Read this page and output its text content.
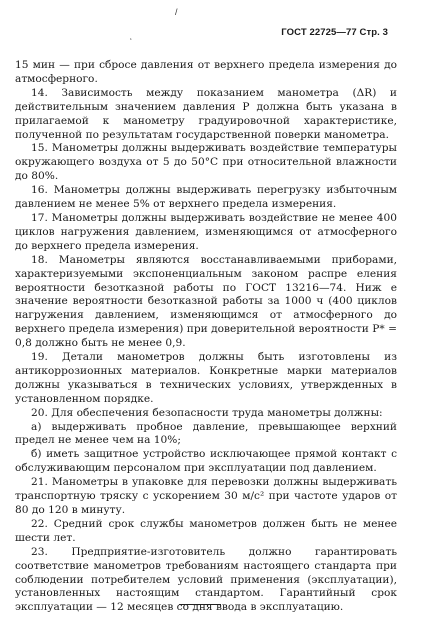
/
‘
ГОСТ 22725—77 Стр. 3

15 мин — при сбросе давления от верхнего предела измерения до атмосферного.

14. Зависимость между показанием манометра (ΔR) и действительным значением давления P должна быть указана в прилагаемой к манометру градуировочной характеристике, полученной по результатам государственной поверки манометра.

15. Манометры должны выдерживать воздействие температуры окружающего воздуха от 5 до 50°C при относительной влажности до 80%.

16. Манометры должны выдерживать перегрузку избыточным давлением не менее 5% от верхнего предела измерения.

17. Манометры должны выдерживать воздействие не менее 400 циклов нагружения давлением, изменяющимся от атмосферного до верхнего предела измерения.

18. Манометры являются восстанавливаемыми приборами, характеризуемыми экспоненциальным законом распре еления вероятности безотказной работы по ГОСТ 13216—74. Ниж е значение вероятности безотказной работы за 1000 ч (400 циклов нагружения давлением, изменяющимся от атмосферного до верхнего предела измерения) при доверительной вероятности P* = 0,8 должно быть не менее 0,9.

19. Детали манометров должны быть изготовлены из антикоррозионных материалов. Конкретные марки материалов должны указываться в технических условиях, утвержденных в установленном порядке.

20. Для обеспечения безопасности труда манометры должны:

а) выдерживать пробное давление, превышающее верхний предел не менее чем на 10%;

б) иметь защитное устройство исключающее прямой контакт с обслуживающим персоналом при эксплуатации под давлением.

21. Манометры в упаковке для перевозки должны выдерживать транспортную тряску с ускорением 30 м/с² при частоте ударов от 80 до 120 в минуту.

22. Средний срок службы манометров должен быть не менее шести лет.

23. Предприятие-изготовитель должно гарантировать соответствие манометров требованиям настоящего стандарта при соблюдении потребителем условий применения (эксплуатации), установленных настоящим стандартом. Гарантийный срок эксплуатации — 12 месяцев со дня ввода в эксплуатацию.
